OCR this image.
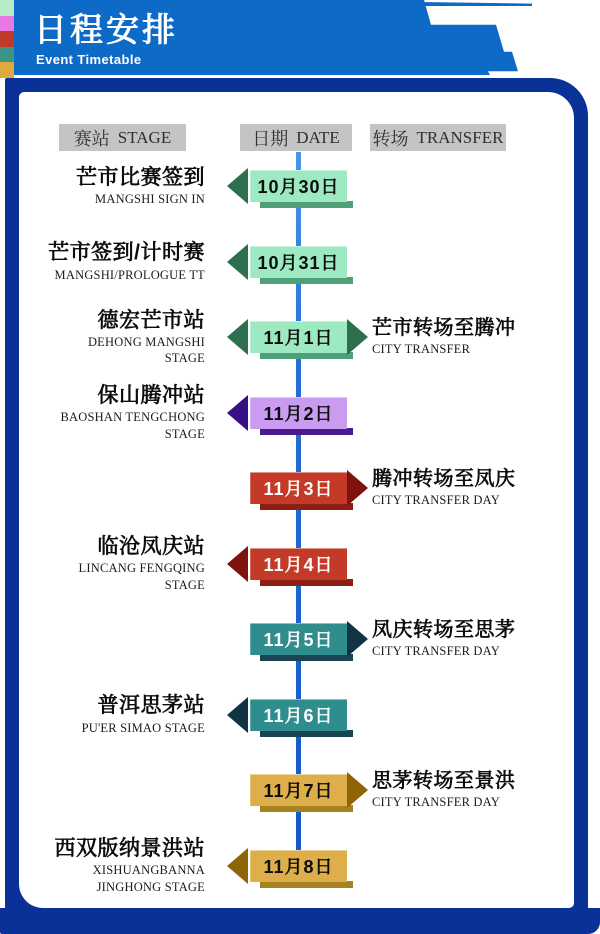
日程安排
Event Timetable
赛站 STAGE	日期 DATE 转场 TRANSFER
芒市比赛签到
MANGSHI SIGN IN
10月30日
芒市签到/计时赛
MANGSHI/PROLOGUE TT
10月31日
德宏芒市站
DEHONG MANGSHI
STAGE
11月1日	芒市转场至腾冲
CITY TRANSFER
保山腾冲站
BAOSHAN TENGCHONG
STAGE
11月2日
11月3日	腾冲转场至凤庆
CITY TRANSFER DAY
临沧凤庆站
LINCANG FENGQING
STAGE
11月4日
11月5日	凤庆转场至思茅
CITY TRANSFER DAY
普洱思茅站
PU'ER SIMAO STAGE
11月6日
11月7日	思茅转场至景洪
CITY TRANSFER DAY
西双版纳景洪站
XISHUANGBANNA
JINGHONG STAGE
11月8日
